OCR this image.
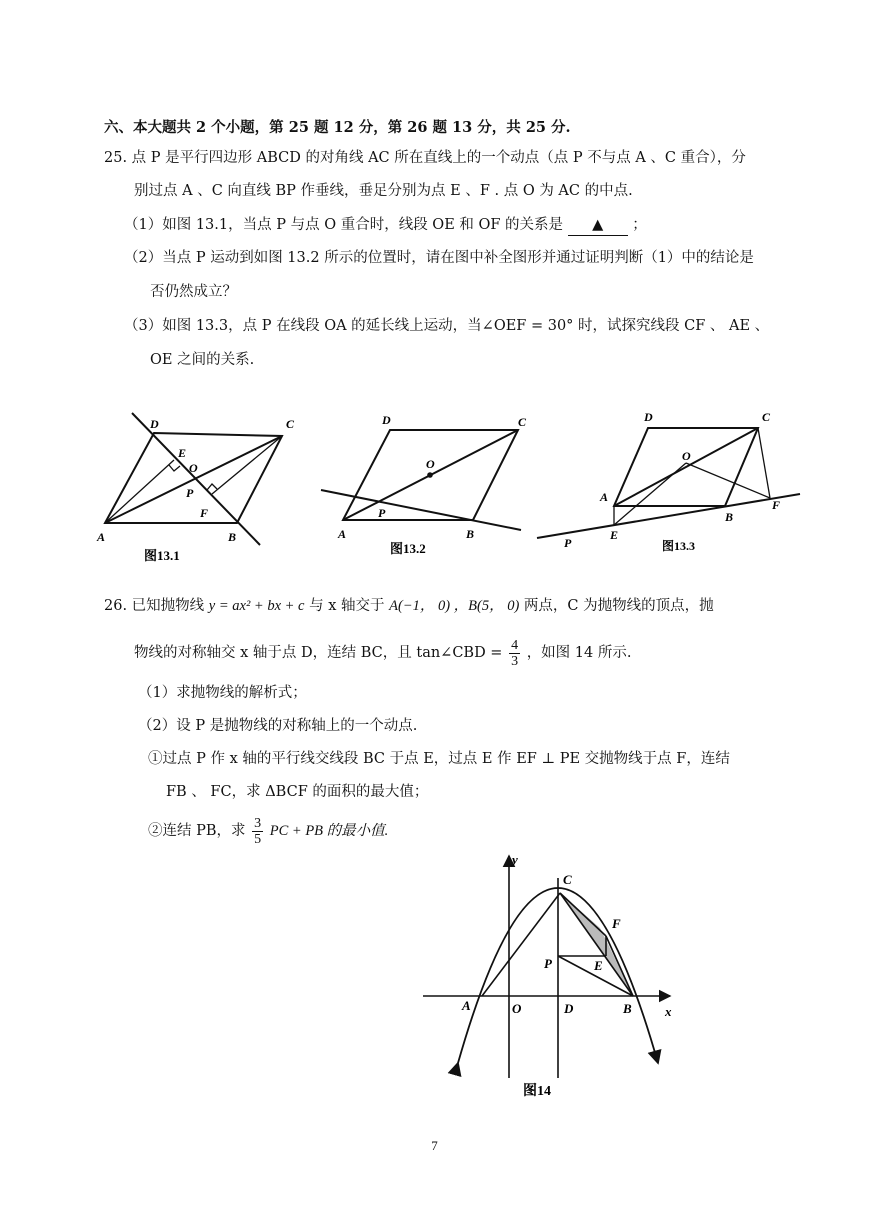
六、本大题共 2 个小题，第 25 题 12 分，第 26 题 13 分，共 25 分.
25. 点 P 是平行四边形 ABCD 的对角线 AC 所在直线上的一个动点（点 P 不与点 A 、C 重合），分
别过点 A 、C 向直线 BP 作垂线，垂足分别为点 E 、F . 点 O 为 AC 的中点.
（1）如图 13.1，当点 P 与点 O 重合时，线段 OE 和 OF 的关系是 ▲ ；
（2）当点 P 运动到如图 13.2 所示的位置时，请在图中补全图形并通过证明判断（1）中的结论是
否仍然成立？
（3）如图 13.3，点 P 在线段 OA 的延长线上运动，当∠OEF = 30° 时，试探究线段 CF 、 AE 、
OE 之间的关系.
D	C
E
O
P
F
A	B
图13.1
D	C
O
P
A	B
图13.2
D	C
O
A
B
F
E
P	图13.3
26. 已知抛物线 y = ax² + bx + c 与 x 轴交于 A(−1， 0) ，B(5， 0) 两点，C 为抛物线的顶点，抛
物线的对称轴交 x 轴于点 D，连结 BC，且 tan∠CBD = $\frac{4}{3}$ ，如图 14 所示.
（1）求抛物线的解析式；
（2）设 P 是抛物线的对称轴上的一个动点.
①过点 P 作 x 轴的平行线交线段 BC 于点 E，过点 E 作 EF ⊥ PE 交抛物线于点 F，连结
FB 、 FC，求 ΔBCF 的面积的最大值；
②连结 PB，求 $\frac{3}{5}$ PC + PB 的最小值.
y
x
C
F
P	E
A	O	D	B
图14
7
